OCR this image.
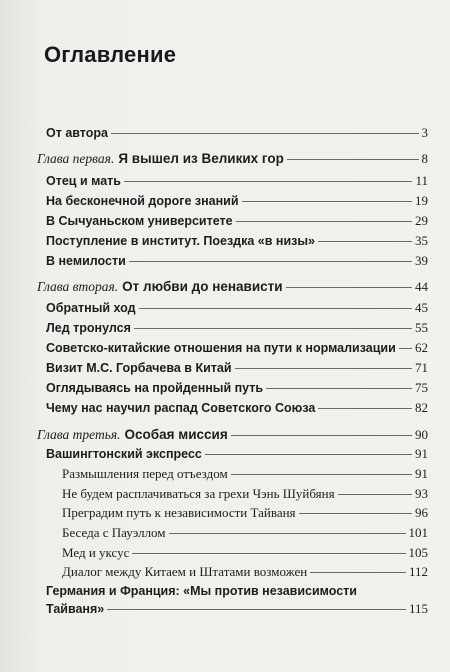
Оглавление
От автора	3
Глава первая. Я вышел из Великих гор	8
Отец и мать	11
На бесконечной дороге знаний	19
В Сычуаньском университете	29
Поступление в институт. Поездка «в низы»	35
В немилости	39
Глава вторая. От любви до ненависти	44
Обратный ход	45
Лед тронулся	55
Советско-китайские отношения на пути к нормализации 62
Визит М.С. Горбачева в Китай	71
Оглядываясь на пройденный путь	75
Чему нас научил распад Советского Союза	82
Глава третья. Особая миссия	90
Вашингтонский экспресс	91
Размышления перед отъездом	91
Не будем расплачиваться за грехи Чэнь Шуйбяня	93
Преградим путь к независимости Тайваня	96
Беседа с Пауэллом	101
Мед и уксус	105
Диалог между Китаем и Штатами возможен	112
Германия и Франция: «Мы против независимости
Тайваня»	115
